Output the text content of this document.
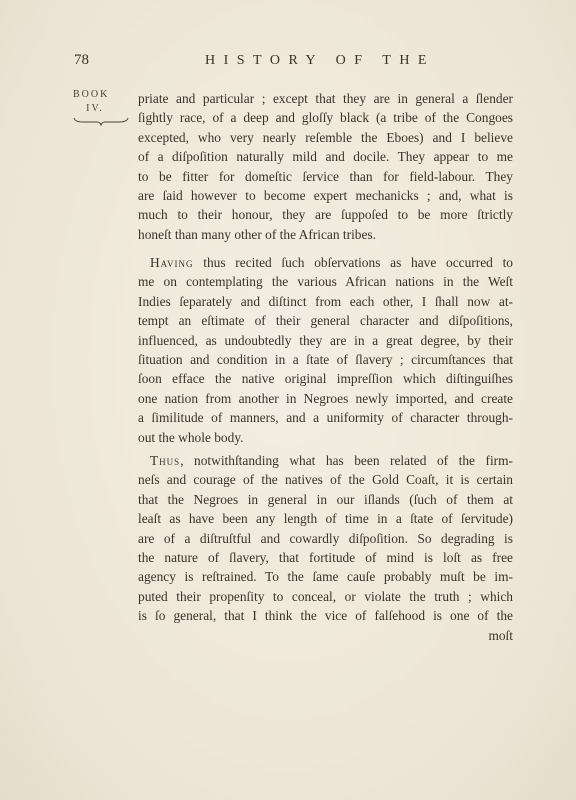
78	HISTORY OF THE
BOOK
IV.
priate and particular ; except that they are in general a ſlender
ſightly race, of a deep and gloſſy black (a tribe of the Congoes
excepted, who very nearly reſemble the Eboes) and I believe
of a diſpoſition naturally mild and docile. They appear to me
to be fitter for domeſtic ſervice than for field-labour. They
are ſaid however to become expert mechanicks ; and, what is
much to their honour, they are ſuppoſed to be more ſtrictly
honeſt than many other of the African tribes.
Having thus recited ſuch obſervations as have occurred to
me on contemplating the various African nations in the Weſt
Indies ſeparately and diſtinct from each other, I ſhall now at-
tempt an eſtimate of their general character and diſpoſitions,
influenced, as undoubtedly they are in a great degree, by their
ſituation and condition in a ſtate of ſlavery ; circumſtances that
ſoon efface the native original impreſſion which diſtinguiſhes
one nation from another in Negroes newly imported, and create
a ſimilitude of manners, and a uniformity of character through-
out the whole body.
Thus, notwithſtanding what has been related of the firm-
neſs and courage of the natives of the Gold Coaſt, it is certain
that the Negroes in general in our iſlands (ſuch of them at
leaſt as have been any length of time in a ſtate of ſervitude)
are of a diſtruſtful and cowardly diſpoſition. So degrading is
the nature of ſlavery, that fortitude of mind is loſt as free
agency is reſtrained. To the ſame cauſe probably muſt be im-
puted their propenſity to conceal, or violate the truth ; which
is ſo general, that I think the vice of falſehood is one of the
moſt
